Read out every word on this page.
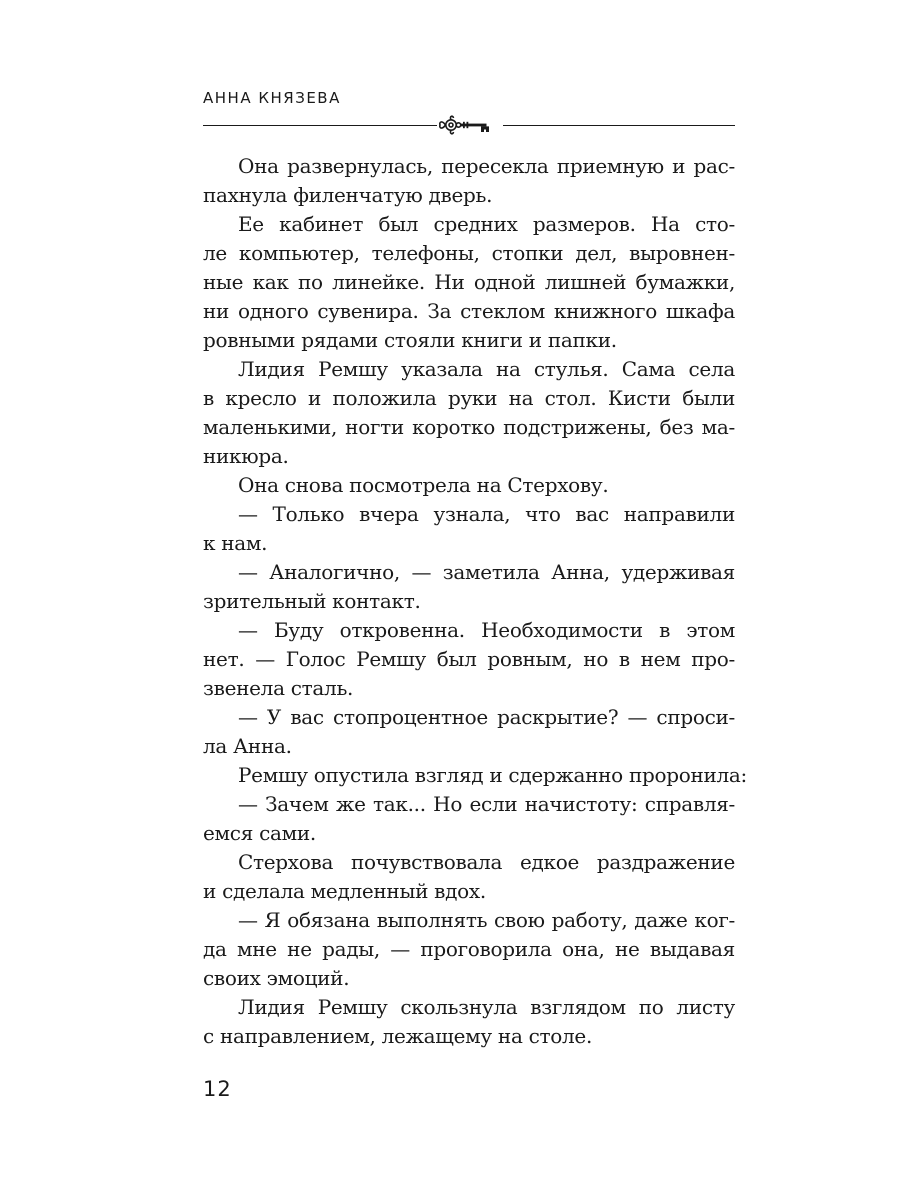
АННА КНЯЗЕВА

Она развернулась, пересекла приемную и рас-
пахнула филенчатую дверь.

Ее кабинет был средних размеров. На сто-
ле компьютер, телефоны, стопки дел, выровнен-
ные как по линейке. Ни одной лишней бумажки,
ни одного сувенира. За стеклом книжного шкафа
ровными рядами стояли книги и папки.

Лидия Ремшу указала на стулья. Сама села
в кресло и положила руки на стол. Кисти были
маленькими, ногти коротко подстрижены, без ма-
никюра.

Она снова посмотрела на Стерхову.

— Только вчера узнала, что вас направили
к нам.

— Аналогично, — заметила Анна, удерживая
зрительный контакт.

— Буду откровенна. Необходимости в этом
нет. — Голос Ремшу был ровным, но в нем про-
звенела сталь.

— У вас стопроцентное раскрытие? — спроси-
ла Анна.

Ремшу опустила взгляд и сдержанно проронила:

— Зачем же так... Но если начистоту: справля-
емся сами.

Стерхова почувствовала едкое раздражение
и сделала медленный вдох.

— Я обязана выполнять свою работу, даже ког-
да мне не рады, — проговорила она, не выдавая
своих эмоций.

Лидия Ремшу скользнула взглядом по листу
с направлением, лежащему на столе.

12
